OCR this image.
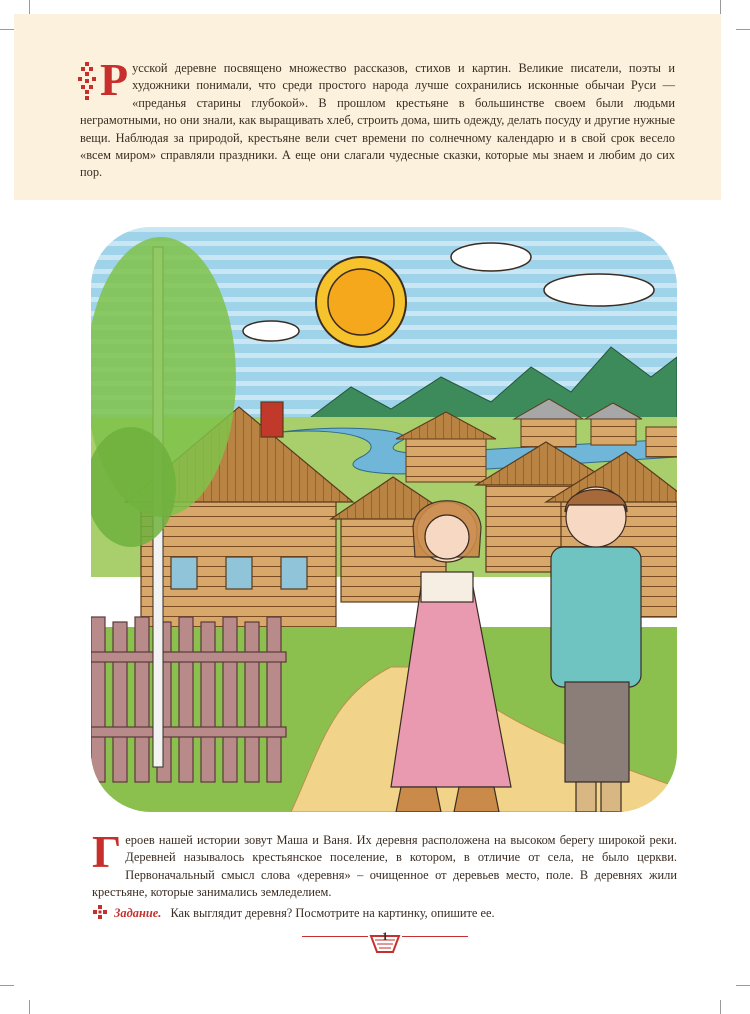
Русской деревне посвящено множество рассказов, стихов и картин. Великие писатели, поэты и художники понимали, что среди простого народа лучше сохранились исконные обычаи Руси — «преданья старины глубокой». В прошлом крестьяне в большинстве своем были людьми неграмотными, но они знали, как выращивать хлеб, строить дома, шить одежду, делать посуду и другие нужные вещи. Наблюдая за природой, крестьяне вели счет времени по солнечному календарю и в свой срок весело «всем миром» справляли праздники. А еще они слагали чудесные сказки, которые мы знаем и любим до сих пор.

Героев нашей истории зовут Маша и Ваня. Их деревня расположена на высоком берегу широкой реки. Деревней называлось крестьянское поселение, в котором, в отличие от села, не было церкви. Первоначальный смысл слова «деревня» – очищенное от деревьев место, поле. В деревнях жили крестьяне, которые занимались земледелием.

Задание. Как выглядит деревня? Посмотрите на картинку, опишите ее.
1
